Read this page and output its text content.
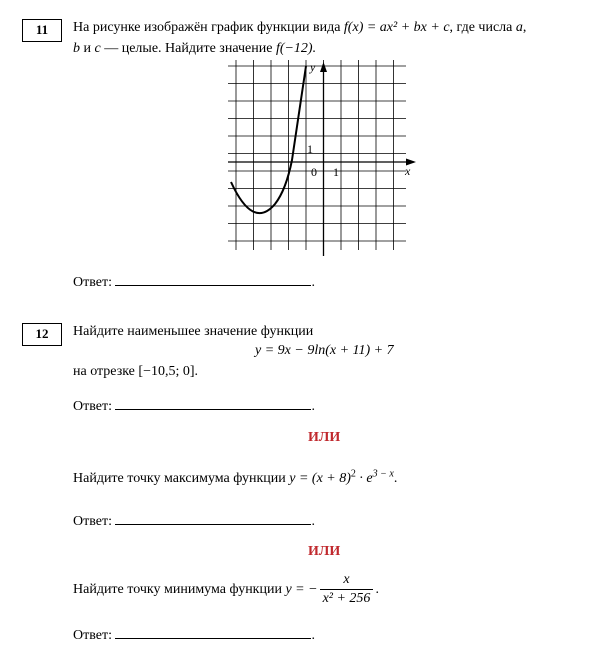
11	На рисунке изображён график функции вида f(x) = ax² + bx + c, где числа a,
b и c — целые. Найдите значение f(−12).
y
x
0 1
1
Ответ:	.
12	Найдите наименьшее значение функции
y = 9x − 9ln(x + 11) + 7
на отрезке [−10,5; 0].
Ответ:	.
ИЛИ
Найдите точку максимума функции $y = (x + 8)^2 \cdot e^{3 - x}$.
Ответ:	.
ИЛИ
Найдите точку минимума функции y = − $\frac{x}{\text{x² + 256}}$ .
Ответ:	.
